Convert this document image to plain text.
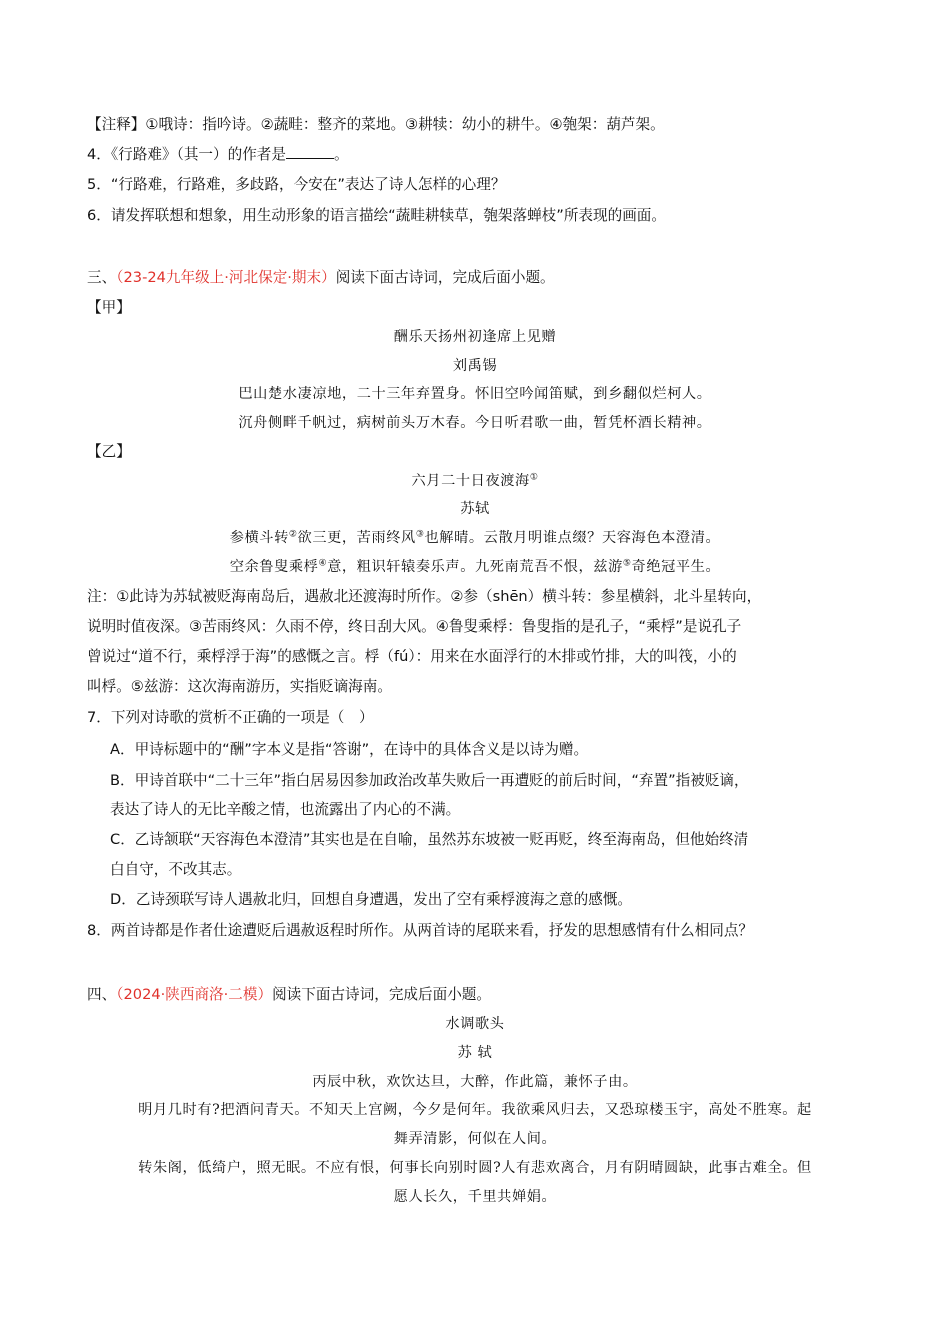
【注释】①哦诗：指吟诗。②蔬畦：整齐的菜地。③耕犊：幼小的耕牛。④匏架：葫芦架。
4．《行路难》（其一）的作者是	。
5．“行路难，行路难，多歧路，今安在”表达了诗人怎样的心理？
6．请发挥联想和想象，用生动形象的语言描绘“蔬畦耕犊草，匏架落蝉枝”所表现的画面。
三、（23-24九年级上·河北保定·期末）阅读下面古诗词，完成后面小题。
【甲】
酬乐天扬州初逢席上见赠
刘禹锡
巴山楚水凄凉地，二十三年弃置身。怀旧空吟闻笛赋，到乡翻似烂柯人。
沉舟侧畔千帆过，病树前头万木春。今日听君歌一曲，暂凭杯酒长精神。
【乙】
六月二十日夜渡海①
苏轼
参横斗转②欲三更，苦雨终风③也解晴。云散月明谁点缀？天容海色本澄清。
空余鲁叟乘桴④意，粗识轩辕奏乐声。九死南荒吾不恨，兹游⑤奇绝冠平生。
注：①此诗为苏轼被贬海南岛后，遇赦北还渡海时所作。②参（shēn）横斗转：参星横斜，北斗星转向，
说明时值夜深。③苦雨终风：久雨不停，终日刮大风。④鲁叟乘桴：鲁叟指的是孔子，“乘桴”是说孔子
曾说过“道不行，乘桴浮于海”的感慨之言。桴（fú）：用来在水面浮行的木排或竹排，大的叫筏，小的
叫桴。⑤兹游：这次海南游历，实指贬谪海南。
7．下列对诗歌的赏析不正确的一项是（　）
A．甲诗标题中的“酬”字本义是指“答谢”，在诗中的具体含义是以诗为赠。
B．甲诗首联中“二十三年”指白居易因参加政治改革失败后一再遭贬的前后时间，“弃置”指被贬谪，
表达了诗人的无比辛酸之情，也流露出了内心的不满。
C．乙诗颔联“天容海色本澄清”其实也是在自喻，虽然苏东坡被一贬再贬，终至海南岛，但他始终清
白自守，不改其志。
D．乙诗颈联写诗人遇赦北归，回想自身遭遇，发出了空有乘桴渡海之意的感慨。
8．两首诗都是作者仕途遭贬后遇赦返程时所作。从两首诗的尾联来看，抒发的思想感情有什么相同点？
四、（2024·陕西商洛·二模）阅读下面古诗词，完成后面小题。
水调歌头
苏 轼
丙辰中秋，欢饮达旦，大醉，作此篇，兼怀子由。
明月几时有?把酒问青天。不知天上宫阙，今夕是何年。我欲乘风归去，又恐琼楼玉宇，高处不胜寒。起
舞弄清影，何似在人间。
转朱阁，低绮户，照无眠。不应有恨，何事长向别时圆?人有悲欢离合，月有阴晴圆缺，此事古难全。但
愿人长久，千里共婵娟。
